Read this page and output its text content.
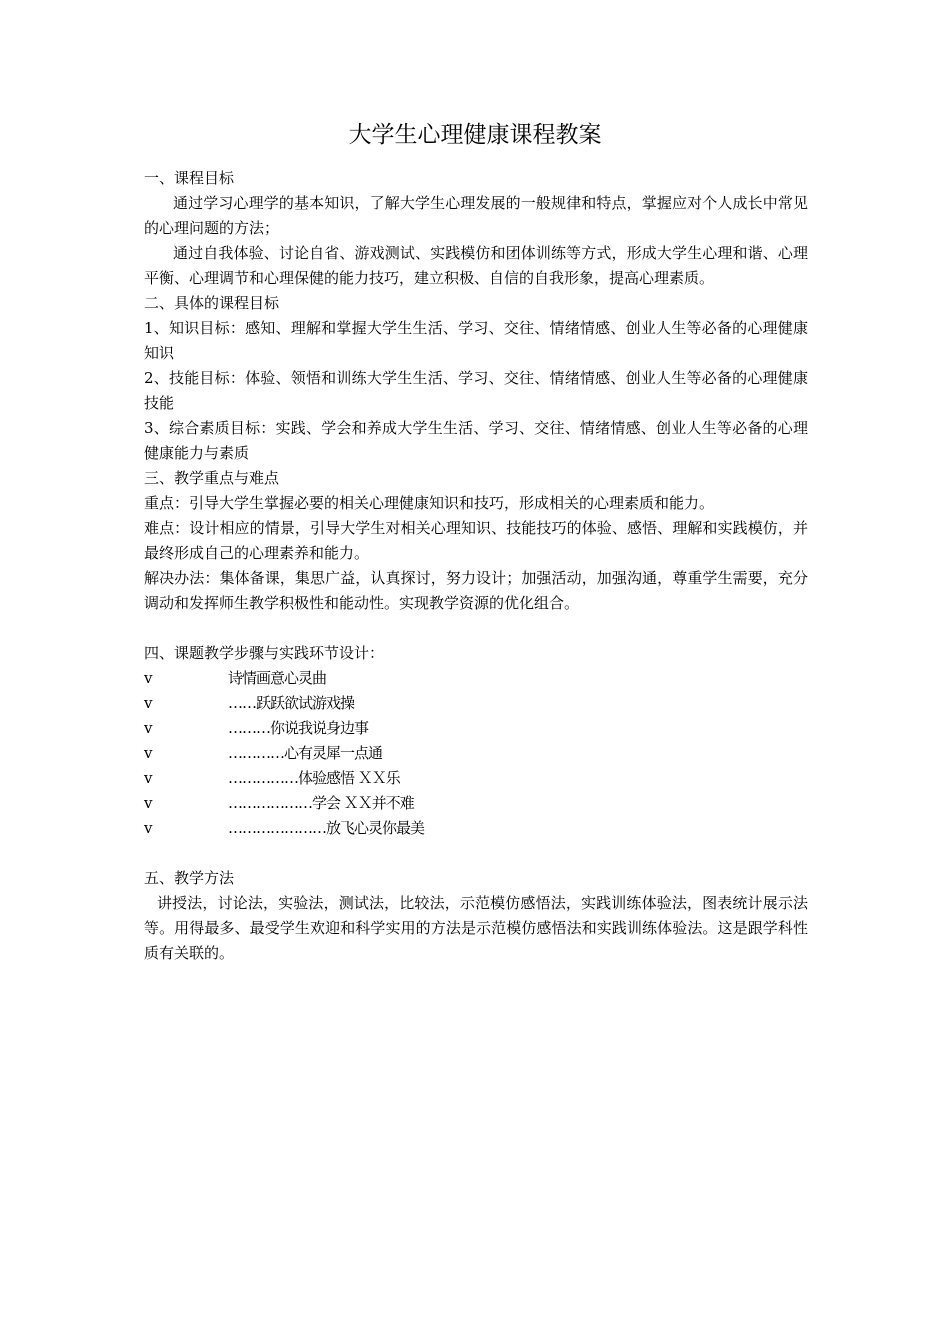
大学生心理健康课程教案

一、课程目标

通过学习心理学的基本知识，了解大学生心理发展的一般规律和特点，掌握应对个人成长中常见的心理问题的方法；

通过自我体验、讨论自省、游戏测试、实践模仿和团体训练等方式，形成大学生心理和谐、心理平衡、心理调节和心理保健的能力技巧，建立积极、自信的自我形象，提高心理素质。

二、具体的课程目标

1、知识目标：感知、理解和掌握大学生生活、学习、交往、情绪情感、创业人生等必备的心理健康知识

2、技能目标：体验、领悟和训练大学生生活、学习、交往、情绪情感、创业人生等必备的心理健康技能

3、综合素质目标：实践、学会和养成大学生生活、学习、交往、情绪情感、创业人生等必备的心理健康能力与素质

三、教学重点与难点

重点：引导大学生掌握必要的相关心理健康知识和技巧，形成相关的心理素质和能力。

难点：设计相应的情景，引导大学生对相关心理知识、技能技巧的体验、感悟、理解和实践模仿，并最终形成自己的心理素养和能力。

解决办法：集体备课，集思广益，认真探讨，努力设计；加强活动，加强沟通，尊重学生需要，充分调动和发挥师生教学积极性和能动性。实现教学资源的优化组合。

四、课题教学步骤与实践环节设计：

v	诗情画意心灵曲
v	……跃跃欲试游戏操
v	………你说我说身边事
v	…………心有灵犀一点通
v	……………体验感悟 ＸＸ乐
v	………………学会 ＸＸ并不难
v	…………………放飞心灵你最美

五、教学方法

讲授法，讨论法，实验法，测试法，比较法，示范模仿感悟法，实践训练体验法，图表统计展示法等。用得最多、最受学生欢迎和科学实用的方法是示范模仿感悟法和实践训练体验法。这是跟学科性质有关联的。
